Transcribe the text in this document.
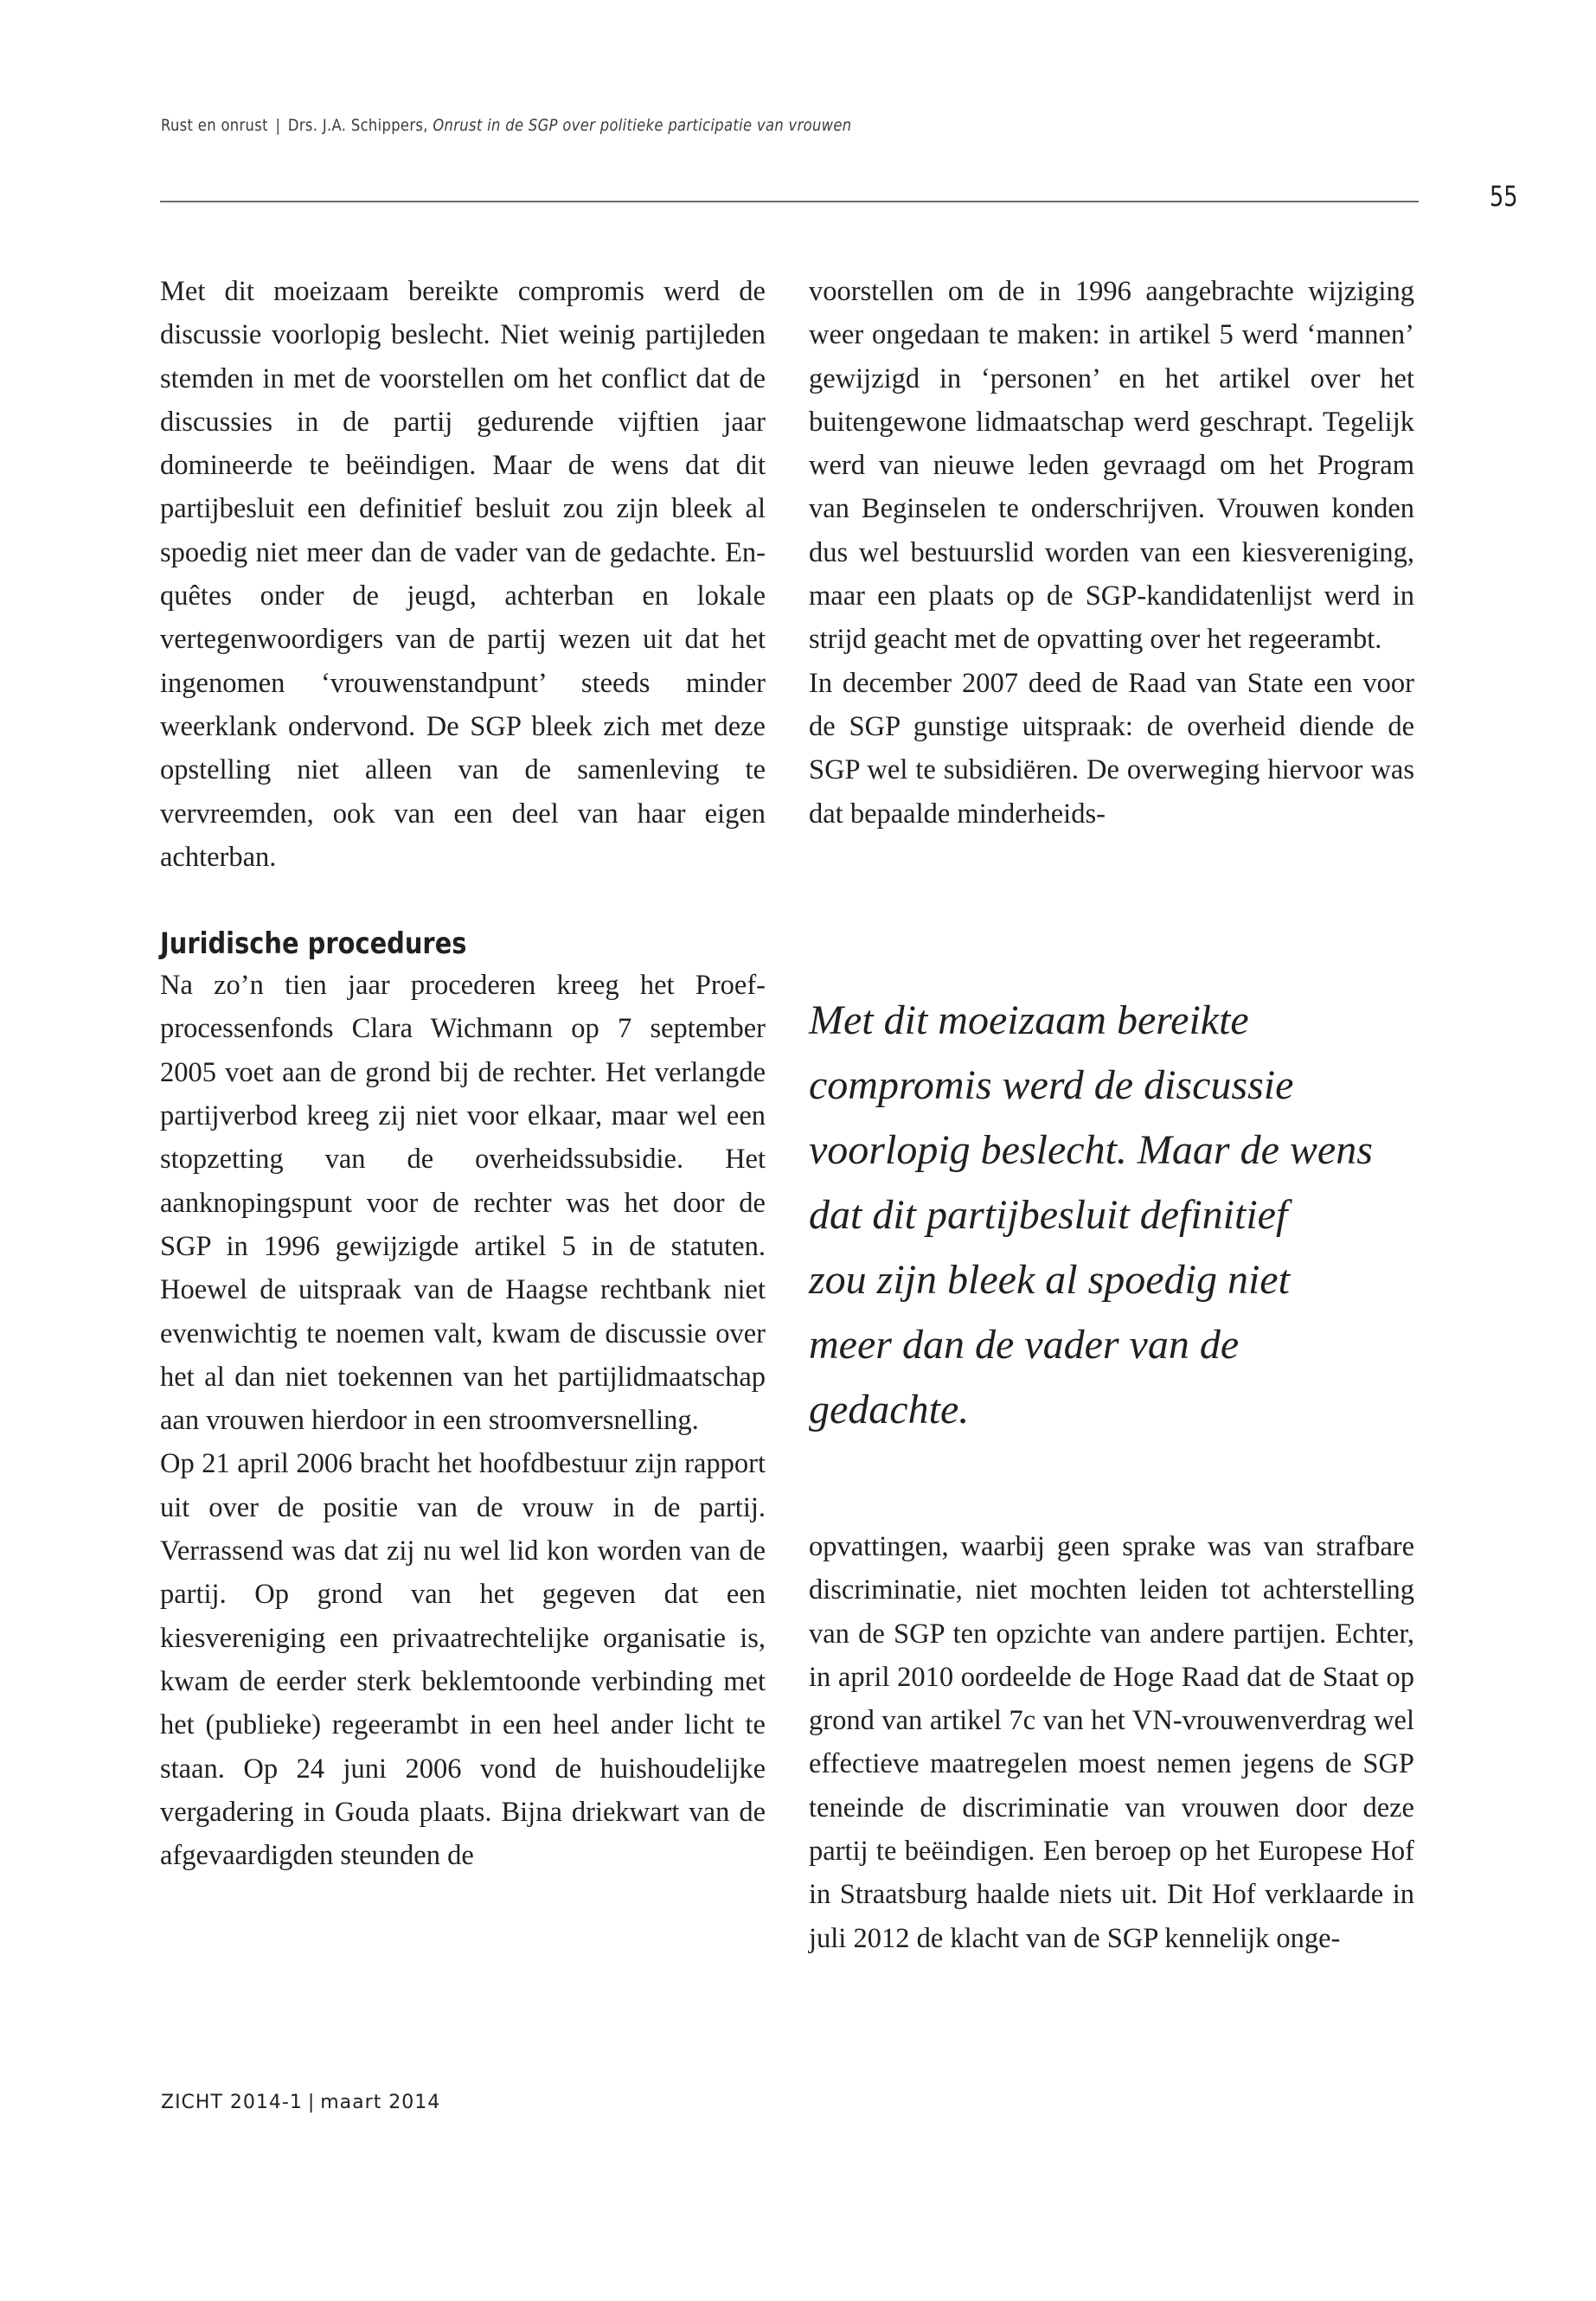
Rust en onrust | Drs. J.A. Schippers, Onrust in de SGP over politieke participatie van vrouwen
55

Met dit moeizaam bereikte compromis werd de discussie voorlopig beslecht. Niet weinig partijleden stemden in met de voorstellen om het conflict dat de discussies in de partij gedurende vijftien jaar domineerde te beëindigen. Maar de wens dat dit partijbesluit een definitief besluit zou zijn bleek al spoedig niet meer dan de vader van de gedachte. Enquêtes onder de jeugd, achterban en lokale vertegenwoordigers van de partij wezen uit dat het ingenomen ‘vrouwenstandpunt’ steeds minder weerklank ondervond. De SGP bleek zich met deze opstelling niet alleen van de samenleving te vervreemden, ook van een deel van haar eigen achterban.

Juridische procedures

Na zo’n tien jaar procederen kreeg het Proefprocessenfonds Clara Wichmann op 7 september 2005 voet aan de grond bij de rechter. Het verlangde partijverbod kreeg zij niet voor elkaar, maar wel een stopzetting van de overheidssubsidie. Het aanknopingspunt voor de rechter was het door de SGP in 1996 gewijzigde artikel 5 in de statuten. Hoewel de uitspraak van de Haagse rechtbank niet evenwichtig te noemen valt, kwam de discussie over het al dan niet toekennen van het partijlidmaatschap aan vrouwen hierdoor in een stroomversnelling.

Op 21 april 2006 bracht het hoofdbestuur zijn rapport uit over de positie van de vrouw in de partij. Verrassend was dat zij nu wel lid kon worden van de partij. Op grond van het gegeven dat een kiesvereniging een privaatrechtelijke organisatie is, kwam de eerder sterk beklemtoonde verbinding met het (publieke) regeerambt in een heel ander licht te staan. Op 24 juni 2006 vond de huishoudelijke vergadering in Gouda plaats. Bijna driekwart van de afgevaardigden steunden de

voorstellen om de in 1996 aangebrachte wijziging weer ongedaan te maken: in artikel 5 werd ‘mannen’ gewijzigd in ‘personen’ en het artikel over het buitengewone lidmaatschap werd geschrapt. Tegelijk werd van nieuwe leden gevraagd om het Program van Beginselen te onderschrijven. Vrouwen konden dus wel bestuurslid worden van een kiesvereniging, maar een plaats op de SGP-kandidatenlijst werd in strijd geacht met de opvatting over het regeerambt.

In december 2007 deed de Raad van State een voor de SGP gunstige uitspraak: de overheid diende de SGP wel te subsidiëren. De overweging hiervoor was dat bepaalde minderheids-

Met dit moeizaam bereikte
compromis werd de discussie
voorlopig beslecht. Maar de wens
dat dit partijbesluit definitief
zou zijn bleek al spoedig niet
meer dan de vader van de
gedachte.

opvattingen, waarbij geen sprake was van strafbare discriminatie, niet mochten leiden tot achterstelling van de SGP ten opzichte van andere partijen. Echter, in april 2010 oordeelde de Hoge Raad dat de Staat op grond van artikel 7c van het VN-vrouwenverdrag wel effectieve maatregelen moest nemen jegens de SGP teneinde de discriminatie van vrouwen door deze partij te beëindigen. Een beroep op het Europese Hof in Straatsburg haalde niets uit. Dit Hof verklaarde in juli 2012 de klacht van de SGP kennelijk onge-

ZICHT 2014-1 | maart 2014
